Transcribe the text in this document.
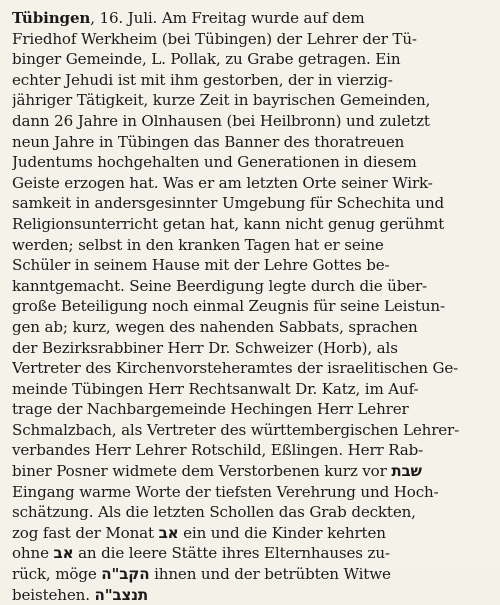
Tübingen, 16. Juli. Am Freitag wurde auf dem
Friedhof Werkheim (bei Tübingen) der Lehrer der Tü-
binger Gemeinde, L. Pollak, zu Grabe getragen. Ein
echter Jehudi ist mit ihm gestorben, der in vierzig-
jähriger Tätigkeit, kurze Zeit in bayrischen Gemeinden,
dann 26 Jahre in Olnhausen (bei Heilbronn) und zuletzt
neun Jahre in Tübingen das Banner des thoratreuen
Judentums hochgehalten und Generationen in diesem
Geiste erzogen hat. Was er am letzten Orte seiner Wirk-
samkeit in andersgesinnter Umgebung für Schechita und
Religionsunterricht getan hat, kann nicht genug gerühmt
werden; selbst in den kranken Tagen hat er seine
Schüler in seinem Hause mit der Lehre Gottes be-
kanntgemacht. Seine Beerdigung legte durch die über-
große Beteiligung noch einmal Zeugnis für seine Leistun-
gen ab; kurz, wegen des nahenden Sabbats, sprachen
der Bezirksrabbiner Herr Dr. Schweizer (Horb), als
Vertreter des Kirchenvorsteheramtes der israelitischen Ge-
meinde Tübingen Herr Rechtsanwalt Dr. Katz, im Auf-
trage der Nachbargemeinde Hechingen Herr Lehrer
Schmalzbach, als Vertreter des württembergischen Lehrer-
verbandes Herr Lehrer Rotschild, Eßlingen. Herr Rab-
biner Posner widmete dem Verstorbenen kurz vor שבת
Eingang warme Worte der tiefsten Verehrung und Hoch-
schätzung. Als die letzten Schollen das Grab deckten,
zog fast der Monat אב ein und die Kinder kehrten
ohne אב an die leere Stätte ihres Elternhauses zu-
rück, möge הקב"ה ihnen und der betrübten Witwe
beistehen. תנצב"ה
